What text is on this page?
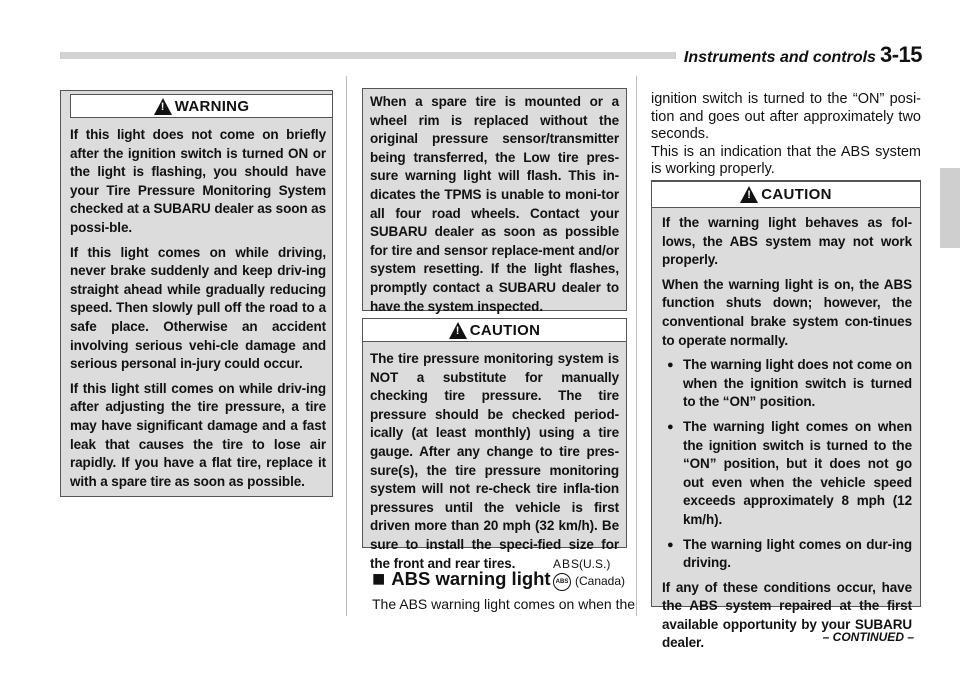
Instruments and controls 3-15
!
WARNING

If this light does not come on briefly after the ignition switch is turned ON or the light is flashing, you should have your Tire Pressure Monitoring System checked at a SUBARU dealer as soon as possi-ble.

If this light comes on while driving, never brake suddenly and keep driv-ing straight ahead while gradually reducing speed. Then slowly pull off the road to a safe place. Otherwise an accident involving serious vehi-cle damage and serious personal in-jury could occur.

If this light still comes on while driv-ing after adjusting the tire pressure, a tire may have significant damage and a fast leak that causes the tire to lose air rapidly. If you have a flat tire, replace it with a spare tire as soon as possible.

When a spare tire is mounted or a wheel rim is replaced without the original pressure sensor/transmitter being transferred, the Low tire pres-sure warning light will flash. This in-dicates the TPMS is unable to moni-tor all four road wheels. Contact your SUBARU dealer as soon as possible for tire and sensor replace-ment and/or system resetting. If the light flashes, promptly contact a SUBARU dealer to have the system inspected.
!
CAUTION
The tire pressure monitoring system is NOT a substitute for manually checking tire pressure. The tire pressure should be checked period-ically (at least monthly) using a tire gauge. After any change to tire pres-sure(s), the tire pressure monitoring system will not re-check tire infla-tion pressures until the vehicle is first driven more than 20 mph (32 km/h). Be sure to install the speci-fied size for the front and rear tires.
■ ABS warning light
ABS
(U.S.)
ABS (Canada)
The ABS warning light comes on when the
ignition switch is turned to the “ON” posi-tion and goes out after approximately two seconds.
This is an indication that the ABS system is working properly.
!
CAUTION

If the warning light behaves as fol-lows, the ABS system may not work properly.

When the warning light is on, the ABS function shuts down; however, the conventional brake system con-tinues to operate normally.

● The warning light does not come on when the ignition switch is turned to the “ON” position.
● The warning light comes on when the ignition switch is turned to the “ON” position, but it does not go out even when the vehicle speed exceeds approximately 8 mph (12 km/h).
● The warning light comes on dur-ing driving.

If any of these conditions occur, have the ABS system repaired at the first available opportunity by your SUBARU dealer.	– CONTINUED –
